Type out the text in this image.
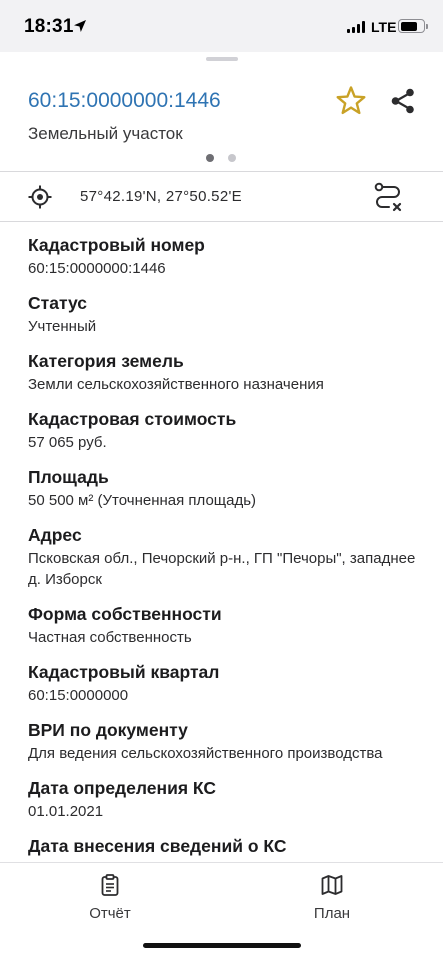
18:31	LTE
60:15:0000000:1446
Земельный участок
57°42.19'N, 27°50.52'E
Кадастровый номер
60:15:0000000:1446
Статус
Учтенный
Категория земель
Земли сельскохозяйственного назначения
Кадастровая стоимость
57 065 руб.
Площадь
50 500 м² (Уточненная площадь)
Адрес
Псковская обл., Печорский р-н., ГП "Печоры", западнее д. Изборск
Форма собственности
Частная собственность
Кадастровый квартал
60:15:0000000
ВРИ по документу
Для ведения сельскохозяйственного производства
Дата определения КС
01.01.2021
Дата внесения сведений о КС
Отчёт	План
